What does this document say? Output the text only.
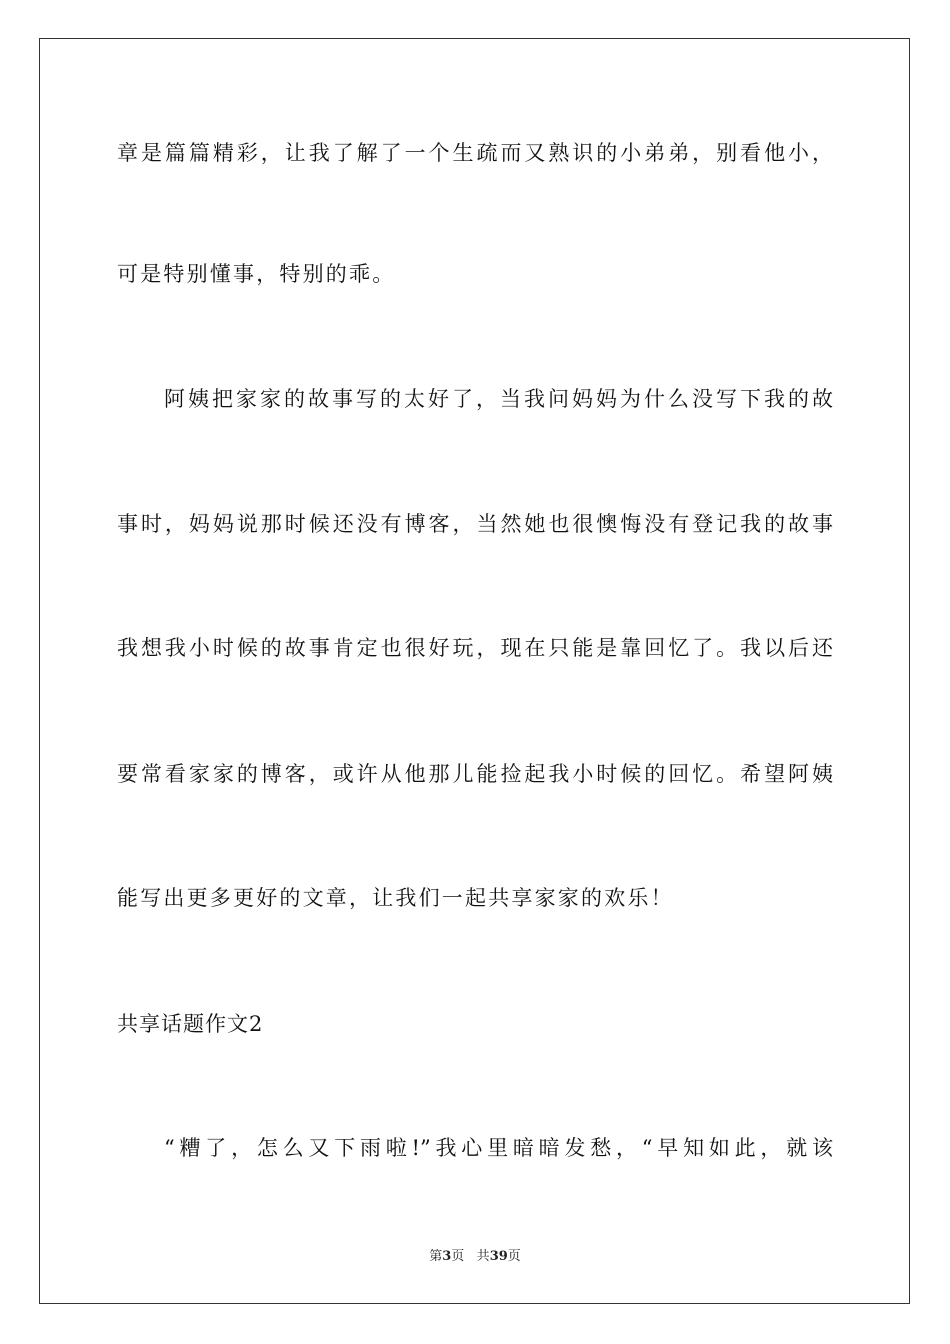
章是篇篇精彩，让我了解了一个生疏而又熟识的小弟弟，别看他小，
可是特别懂事，特别的乖。
阿姨把家家的故事写的太好了，当我问妈妈为什么没写下我的故
事时，妈妈说那时候还没有博客，当然她也很懊悔没有登记我的故事
我想我小时候的故事肯定也很好玩，现在只能是靠回忆了。我以后还
要常看家家的博客，或许从他那儿能捡起我小时候的回忆。希望阿姨
能写出更多更好的文章，让我们一起共享家家的欢乐！
共享话题作文2
“糟了，怎么又下雨啦!”我心里暗暗发愁，“早知如此，就该
第3页 共39页
